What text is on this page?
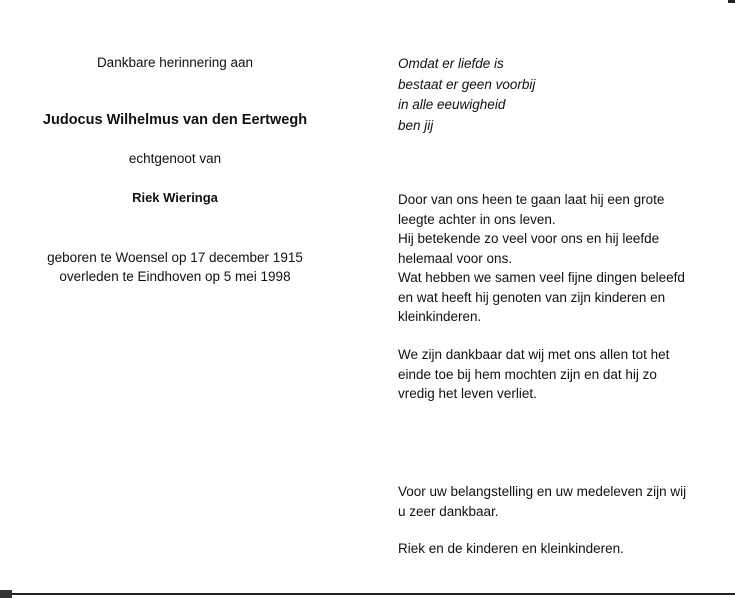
Dankbare herinnering aan
Judocus Wilhelmus van den Eertwegh
echtgenoot van
Riek Wieringa
geboren te Woensel op 17 december 1915
overleden te Eindhoven op 5 mei 1998
Omdat er liefde is
bestaat er geen voorbij
in alle eeuwigheid
ben jij
Door van ons heen te gaan laat hij een grote
leegte achter in ons leven.
Hij betekende zo veel voor ons en hij leefde
helemaal voor ons.
Wat hebben we samen veel fijne dingen beleefd
en wat heeft hij genoten van zijn kinderen en
kleinkinderen.
We zijn dankbaar dat wij met ons allen tot het
einde toe bij hem mochten zijn en dat hij zo
vredig het leven verliet.
Voor uw belangstelling en uw medeleven zijn wij
u zeer dankbaar.
Riek en de kinderen en kleinkinderen.
